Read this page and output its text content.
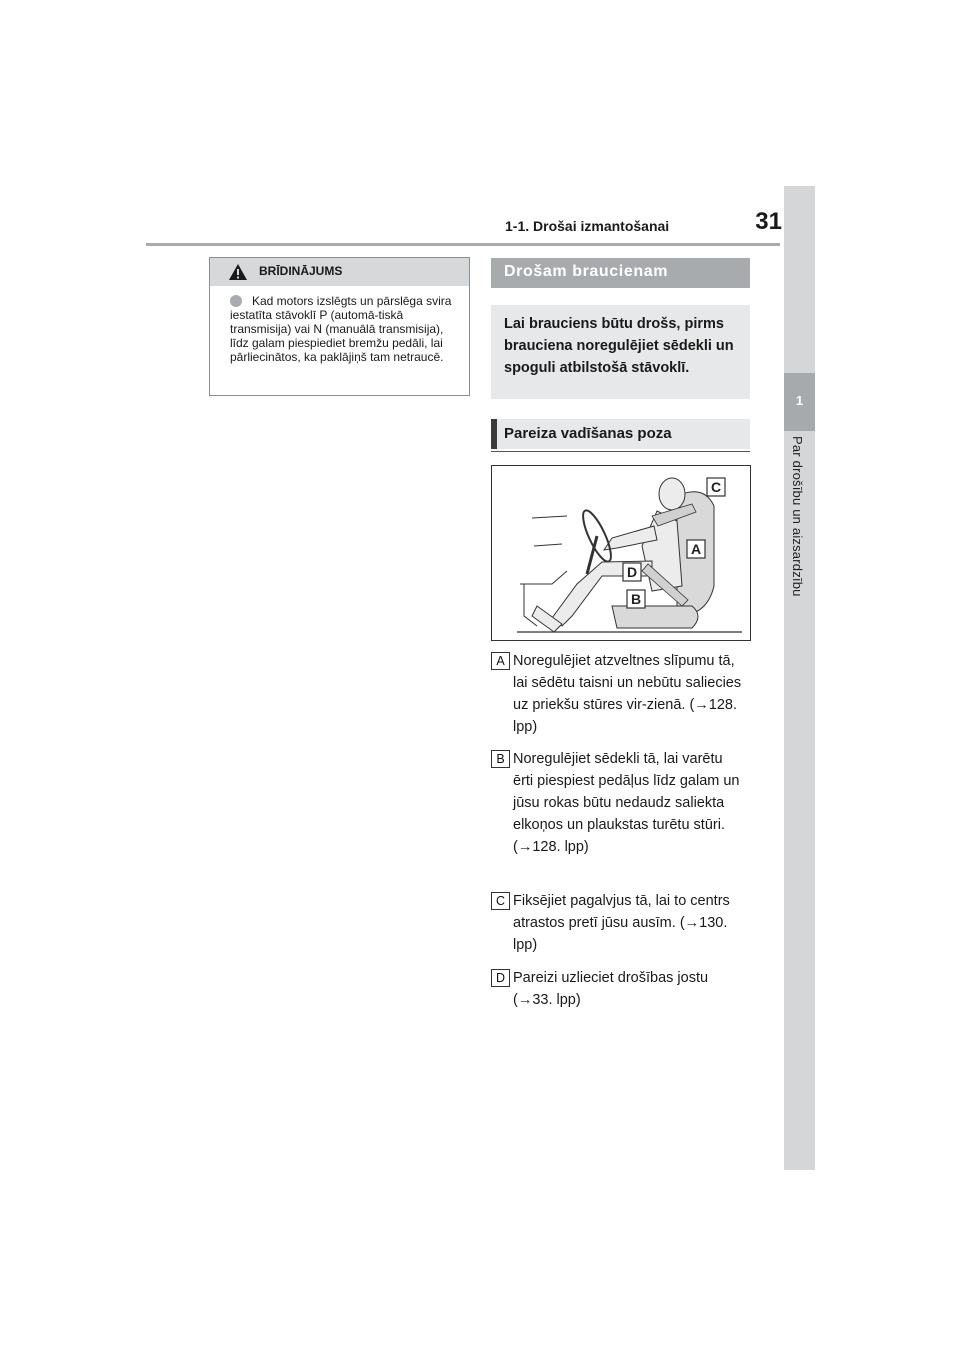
1-1. Drošai izmantošanai	31
1
Par drošību un aizsardzību
BRĪDINĀJUMS
Kad motors izslēgts un pārslēga svira iestatīta stāvoklī P (automā-tiskā transmisija) vai N (manuālā transmisija), līdz galam piespiediet bremžu pedāli, lai pārliecinātos, ka paklājiņš tam netraucē.
Drošam braucienam
Lai brauciens būtu drošs, pirms brauciena noregulējiet sēdekli un spoguli atbilstošā stāvoklī.
Pareiza vadīšanas poza
C
A
D
B
A Noregulējiet atzveltnes slīpumu tā, lai sēdētu taisni un nebūtu saliecies uz priekšu stūres vir-zienā. (→128. lpp)
B Noregulējiet sēdekli tā, lai varētu ērti piespiest pedāļus līdz galam un jūsu rokas būtu nedaudz saliekta elkoņos un plaukstas turētu stūri. (→128. lpp)
C Fiksējiet pagalvjus tā, lai to centrs atrastos pretī jūsu ausīm. (→130. lpp)
D Pareizi uzlieciet drošības jostu (→33. lpp)
